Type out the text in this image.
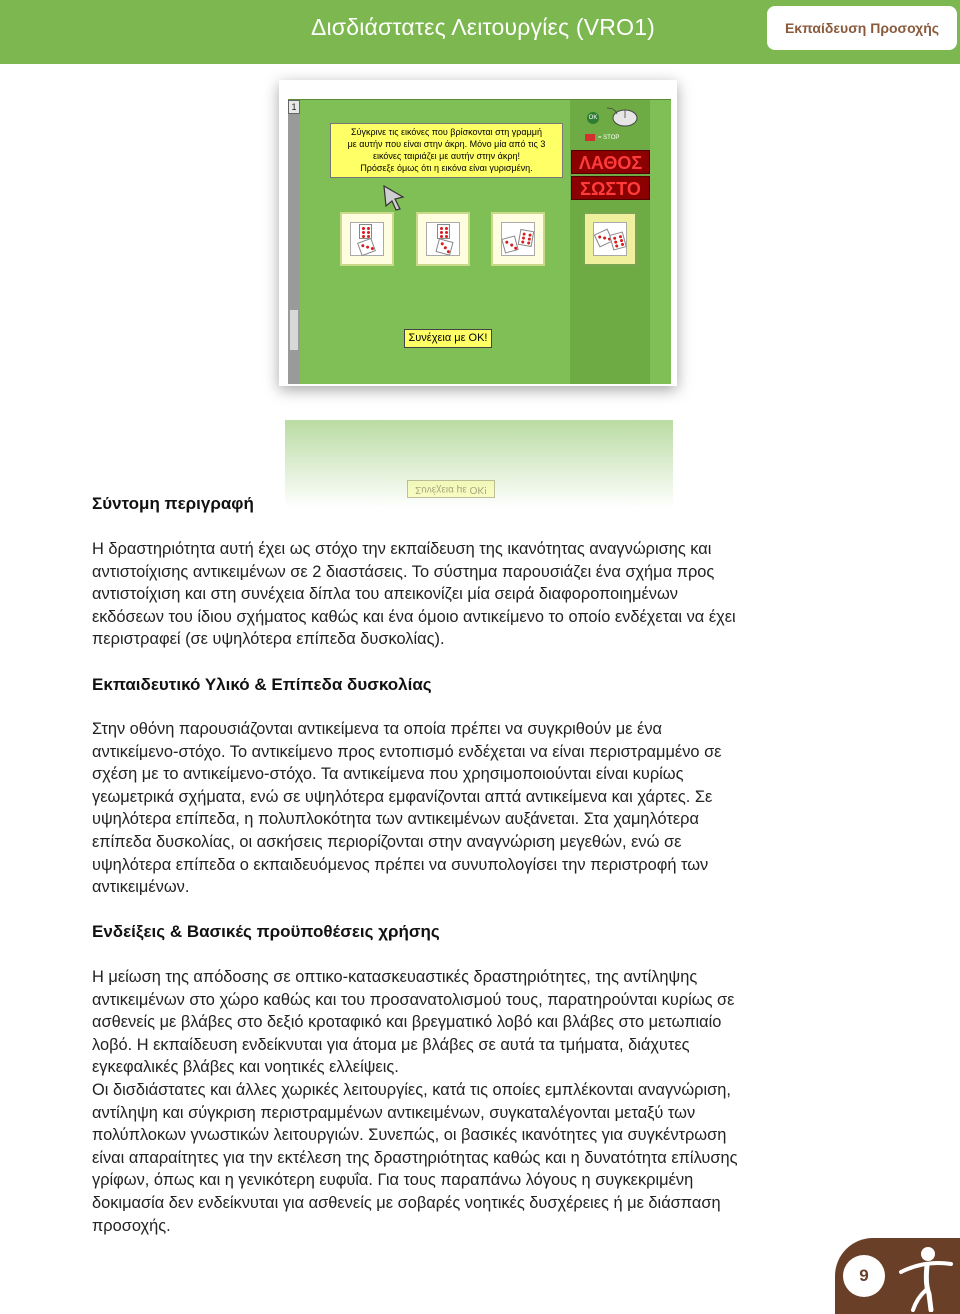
Δισδιάστατες Λειτουργίες (VRO1)	Εκπαίδευση Προσοχής
1
Σύγκρινε τις εικόνες που βρίσκονται στη γραμμή
με αυτήν που είναι στην άκρη. Μόνο μία από τις 3
εικόνες ταιριάζει με αυτήν στην άκρη!
Πρόσεξε όμως ότι η εικόνα είναι γυρισμένη.
OK
= STOP
ΛΑΘΟΣ
ΣΩΣΤΟ
Συνέχεια με OK!
Συνέχεια με OK!
Σύντομη περιγραφή
Η δραστηριότητα αυτή έχει ως στόχο την εκπαίδευση της ικανότητας αναγνώρισης και
αντιστοίχισης αντικειμένων σε 2 διαστάσεις. Το σύστημα παρουσιάζει ένα σχήμα προς
αντιστοίχιση και στη συνέχεια δίπλα του απεικονίζει μία σειρά διαφοροποιημένων
εκδόσεων του ίδιου σχήματος καθώς και ένα όμοιο αντικείμενο το οποίο ενδέχεται να έχει
περιστραφεί (σε υψηλότερα επίπεδα δυσκολίας).
Εκπαιδευτικό Υλικό & Επίπεδα δυσκολίας
Στην οθόνη παρουσιάζονται αντικείμενα τα οποία πρέπει να συγκριθούν με ένα
αντικείμενο-στόχο. Το αντικείμενο προς εντοπισμό ενδέχεται να είναι περιστραμμένο σε
σχέση με το αντικείμενο-στόχο. Τα αντικείμενα που χρησιμοποιούνται είναι κυρίως
γεωμετρικά σχήματα, ενώ σε υψηλότερα εμφανίζονται απτά αντικείμενα και χάρτες. Σε
υψηλότερα επίπεδα, η πολυπλοκότητα των αντικειμένων αυξάνεται. Στα χαμηλότερα
επίπεδα δυσκολίας, οι ασκήσεις περιορίζονται στην αναγνώριση μεγεθών, ενώ σε
υψηλότερα επίπεδα ο εκπαιδευόμενος πρέπει να συνυπολογίσει την περιστροφή των
αντικειμένων.
Ενδείξεις & Βασικές προϋποθέσεις χρήσης
Η μείωση της απόδοσης σε οπτικο-κατασκευαστικές δραστηριότητες, της αντίληψης
αντικειμένων στο χώρο καθώς και του προσανατολισμού τους, παρατηρούνται κυρίως σε
ασθενείς με βλάβες στο δεξιό κροταφικό και βρεγματικό λοβό και βλάβες στο μετωπιαίο
λοβό. Η εκπαίδευση ενδείκνυται για άτομα με βλάβες σε αυτά τα τμήματα, διάχυτες
εγκεφαλικές βλάβες και νοητικές ελλείψεις.
Οι δισδιάστατες και άλλες χωρικές λειτουργίες, κατά τις οποίες εμπλέκονται αναγνώριση,
αντίληψη και σύγκριση περιστραμμένων αντικειμένων, συγκαταλέγονται μεταξύ των
πολύπλοκων γνωστικών λειτουργιών. Συνεπώς, οι βασικές ικανότητες για συγκέντρωση
είναι απαραίτητες για την εκτέλεση της δραστηριότητας καθώς και η δυνατότητα επίλυσης
γρίφων, όπως και η γενικότερη ευφυΐα. Για τους παραπάνω λόγους η συγκεκριμένη
δοκιμασία δεν ενδείκνυται για ασθενείς με σοβαρές νοητικές δυσχέρειες ή με διάσπαση
προσοχής.
9
